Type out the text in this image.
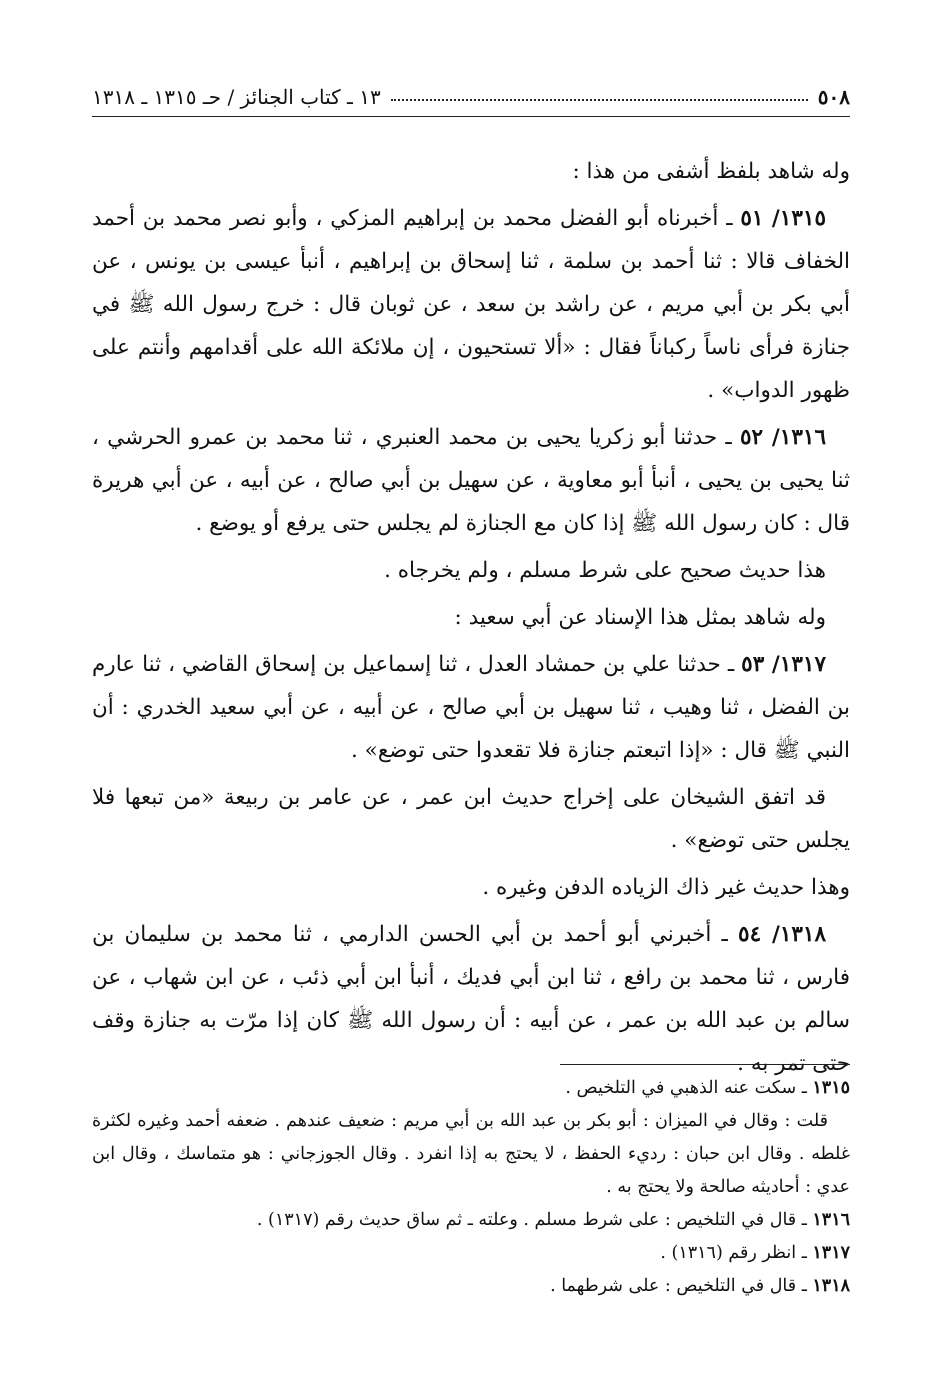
٥٠٨
١٣ ـ كتاب الجنائز / حـ ١٣١٥ ـ ١٣١٨

وله شاهد بلفظ أشفى من هذا :

١٣١٥/ ٥١ ـ أخبرناه أبو الفضل محمد بن إبراهيم المزكي ، وأبو نصر محمد بن أحمد الخفاف قالا : ثنا أحمد بن سلمة ، ثنا إسحاق بن إبراهيم ، أنبأ عيسى بن يونس ، عن أبي بكر بن أبي مريم ، عن راشد بن سعد ، عن ثوبان قال : خرج رسول الله ﷺ في جنازة فرأى ناساً ركباناً فقال : «ألا تستحيون ، إن ملائكة الله على أقدامهم وأنتم على ظهور الدواب» .

١٣١٦/ ٥٢ ـ حدثنا أبو زكريا يحيى بن محمد العنبري ، ثنا محمد بن عمرو الحرشي ، ثنا يحيى بن يحيى ، أنبأ أبو معاوية ، عن سهيل بن أبي صالح ، عن أبيه ، عن أبي هريرة قال : كان رسول الله ﷺ إذا كان مع الجنازة لم يجلس حتى يرفع أو يوضع .

هذا حديث صحيح على شرط مسلم ، ولم يخرجاه .

وله شاهد بمثل هذا الإسناد عن أبي سعيد :

١٣١٧/ ٥٣ ـ حدثنا علي بن حمشاد العدل ، ثنا إسماعيل بن إسحاق القاضي ، ثنا عارم بن الفضل ، ثنا وهيب ، ثنا سهيل بن أبي صالح ، عن أبيه ، عن أبي سعيد الخدري : أن النبي ﷺ قال : «إذا اتبعتم جنازة فلا تقعدوا حتى توضع» .

قد اتفق الشيخان على إخراج حديث ابن عمر ، عن عامر بن ربيعة «من تبعها فلا يجلس حتى توضع» .

وهذا حديث غير ذاك الزياده الدفن وغيره .

١٣١٨/ ٥٤ ـ أخبرني أبو أحمد بن أبي الحسن الدارمي ، ثنا محمد بن سليمان بن فارس ، ثنا محمد بن رافع ، ثنا ابن أبي فديك ، أنبأ ابن أبي ذئب ، عن ابن شهاب ، عن سالم بن عبد الله بن عمر ، عن أبيه : أن رسول الله ﷺ كان إذا مرّت به جنازة وقف حتى تمر به .

١٣١٥ ـ سكت عنه الذهبي في التلخيص .

قلت : وقال في الميزان : أبو بكر بن عبد الله بن أبي مريم : ضعيف عندهم . ضعفه أحمد وغيره لكثرة غلطه . وقال ابن حبان : رديء الحفظ ، لا يحتج به إذا انفرد . وقال الجوزجاني : هو متماسك ، وقال ابن عدي : أحاديثه صالحة ولا يحتج به .

١٣١٦ ـ قال في التلخيص : على شرط مسلم . وعلته ـ ثم ساق حديث رقم (١٣١٧) .

١٣١٧ ـ انظر رقم (١٣١٦) .

١٣١٨ ـ قال في التلخيص : على شرطهما .
